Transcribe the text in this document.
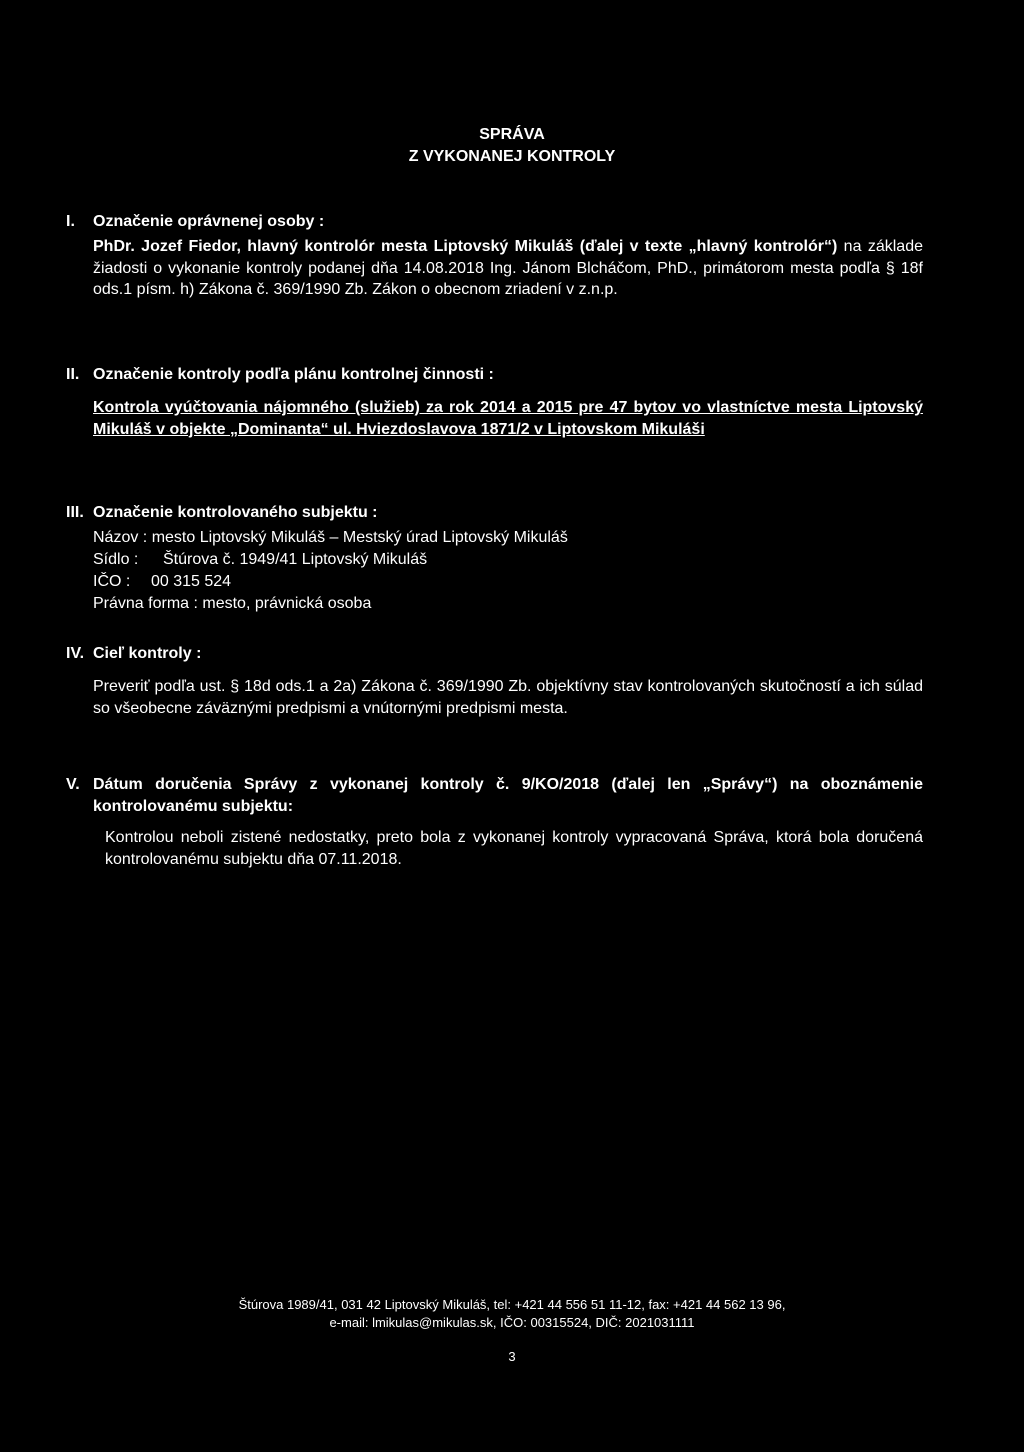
SPRÁVA
Z VYKONANEJ KONTROLY
I. Označenie oprávnenej osoby :
PhDr. Jozef Fiedor, hlavný kontrolór mesta Liptovský Mikuláš (ďalej v texte „hlavný kontrolór“) na základe žiadosti o vykonanie kontroly podanej dňa 14.08.2018 Ing. Jánom Blcháčom, PhD., primátorom mesta podľa § 18f ods.1 písm. h) Zákona č. 369/1990 Zb. Zákon o obecnom zriadení v z.n.p.
II. Označenie kontroly podľa plánu kontrolnej činnosti :
Kontrola vyúčtovania nájomného (služieb) za rok 2014 a 2015 pre 47 bytov vo vlastníctve mesta Liptovský Mikuláš v objekte „Dominanta“ ul. Hviezdoslavova 1871/2 v Liptovskom Mikuláši
III. Označenie kontrolovaného subjektu :
Názov : mesto Liptovský Mikuláš – Mestský úrad Liptovský Mikuláš
Sídlo :	Štúrova č. 1949/41 Liptovský Mikuláš
IČO :	00 315 524
Právna forma : mesto, právnická osoba
IV. Cieľ kontroly :
Preveriť podľa ust. § 18d ods.1 a 2a) Zákona č. 369/1990 Zb. objektívny stav kontrolovaných skutočností a ich súlad so všeobecne záväznými predpismi a vnútornými predpismi mesta.
V. Dátum doručenia Správy z vykonanej kontroly č. 9/KO/2018 (ďalej len „Správy“) na oboznámenie kontrolovanému subjektu:
Kontrolou neboli zistené nedostatky, preto bola z vykonanej kontroly vypracovaná Správa, ktorá bola doručená kontrolovanému subjektu dňa 07.11.2018.
Štúrova 1989/41, 031 42 Liptovský Mikuláš, tel: +421 44 556 51 11-12, fax: +421 44 562 13 96,
e-mail: lmikulas@mikulas.sk, IČO: 00315524, DIČ: 2021031111
3
